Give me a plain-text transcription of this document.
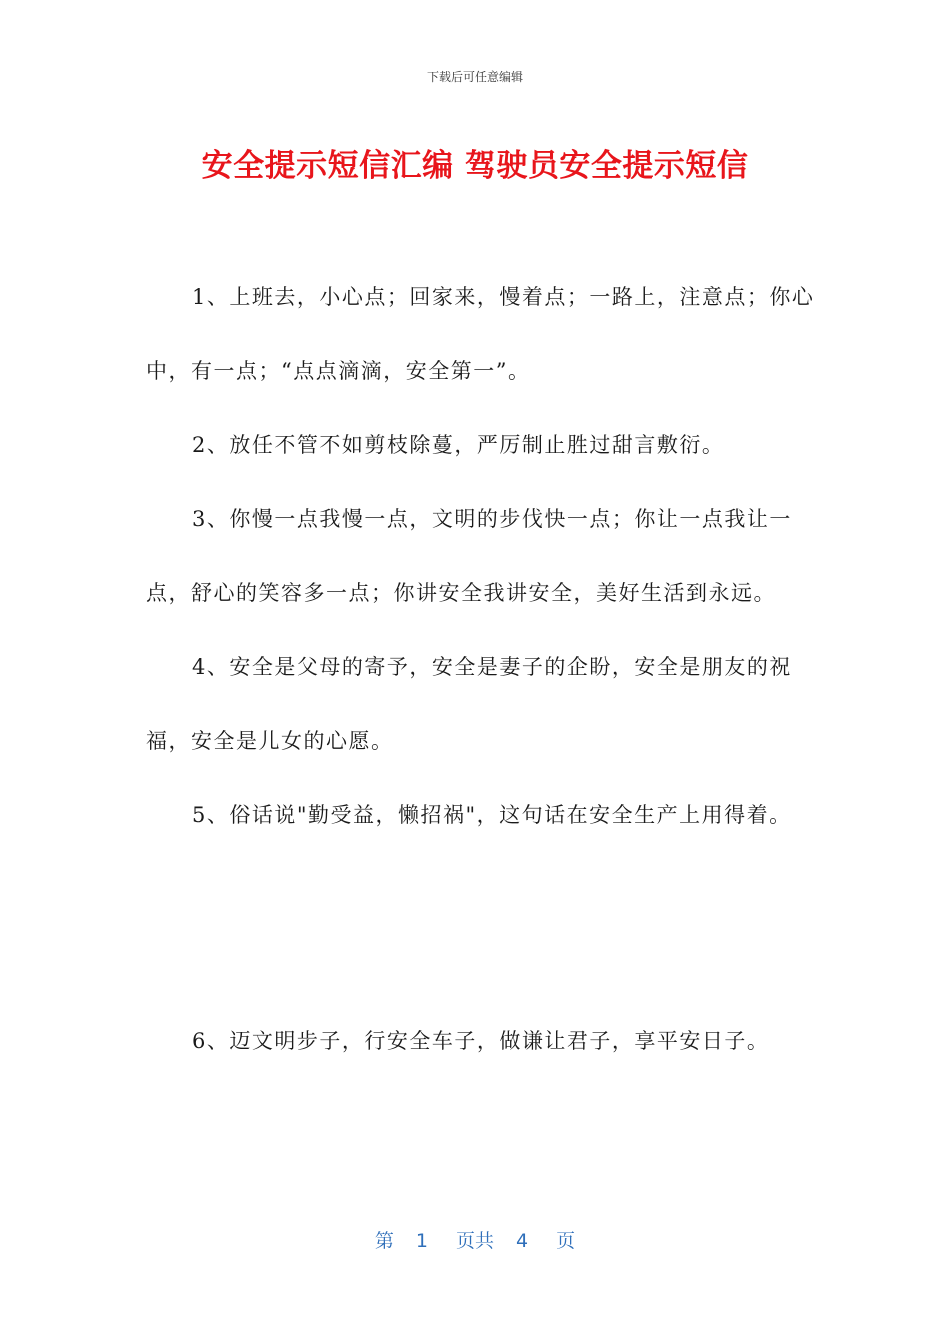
下载后可任意编辑
安全提示短信汇编 驾驶员安全提示短信

1、上班去，小心点；回家来，慢着点；一路上，注意点；你心中，有一点；“点点滴滴，安全第一”。

2、放任不管不如剪枝除蔓，严厉制止胜过甜言敷衍。

3、你慢一点我慢一点，文明的步伐快一点；你让一点我让一点，舒心的笑容多一点；你讲安全我讲安全，美好生活到永远。

4、安全是父母的寄予，安全是妻子的企盼，安全是朋友的祝福，安全是儿女的心愿。

5、俗话说"勤受益，懒招祸"，这句话在安全生产上用得着。

6、迈文明步子，行安全车子，做谦让君子，享平安日子。

第 1 页共 4 页
